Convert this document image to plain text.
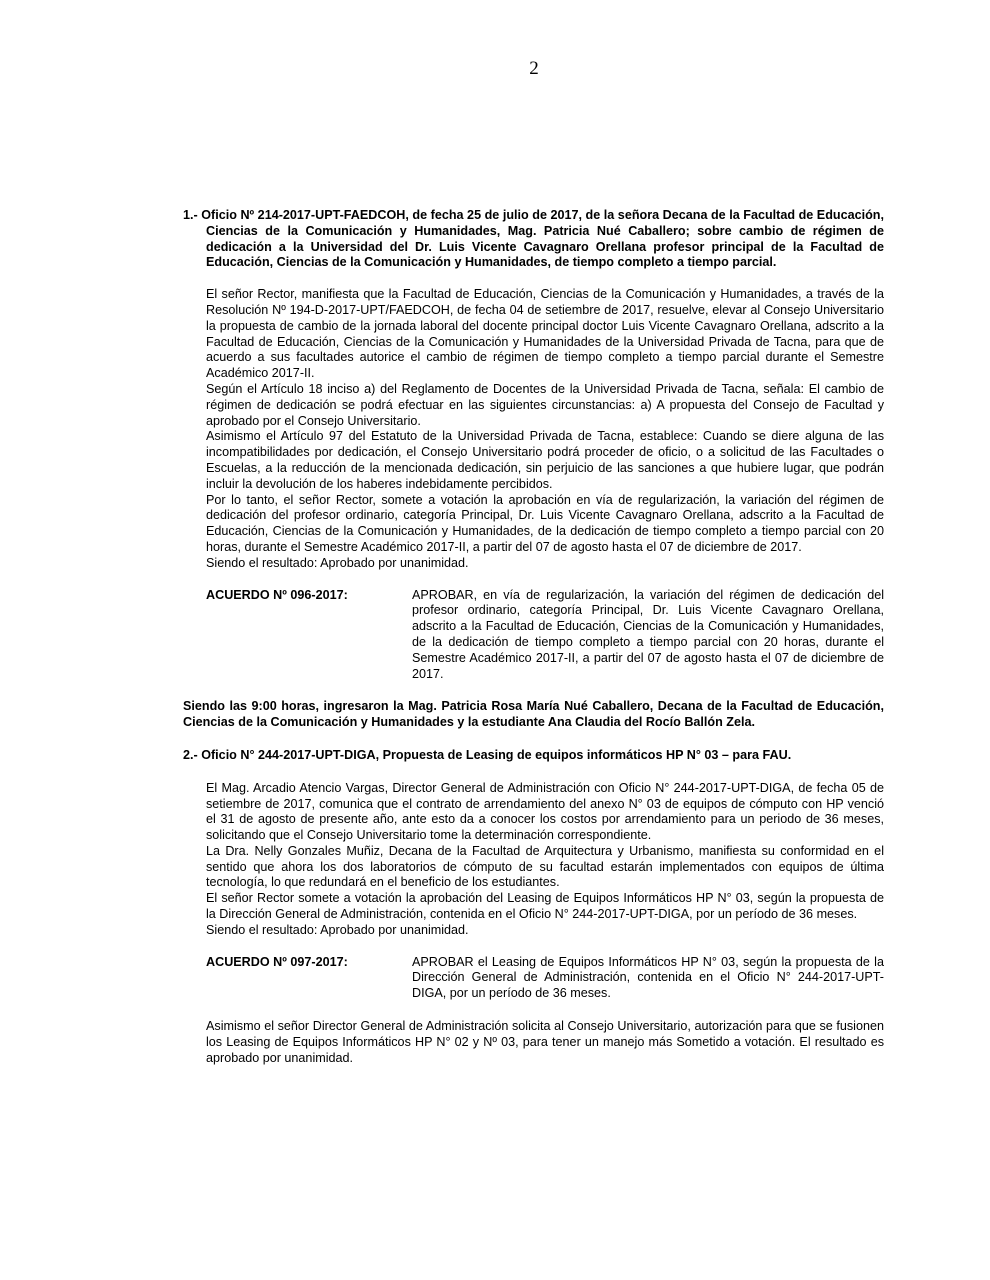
2

1.- Oficio Nº 214-2017-UPT-FAEDCOH, de fecha 25 de julio de 2017, de la señora Decana de la Facultad de Educación, Ciencias de la Comunicación y Humanidades, Mag. Patricia Nué Caballero; sobre cambio de régimen de dedicación a la Universidad del Dr. Luis Vicente Cavagnaro Orellana profesor principal de la Facultad de Educación, Ciencias de la Comunicación y Humanidades, de tiempo completo a tiempo parcial.

El señor Rector, manifiesta que la Facultad de Educación, Ciencias de la Comunicación y Humanidades, a través de la Resolución Nº 194-D-2017-UPT/FAEDCOH, de fecha 04 de setiembre de 2017, resuelve, elevar al Consejo Universitario la propuesta de cambio de la jornada laboral del docente principal doctor Luis Vicente Cavagnaro Orellana, adscrito a la Facultad de Educación, Ciencias de la Comunicación y Humanidades de la Universidad Privada de Tacna, para que de acuerdo a sus facultades autorice el cambio de régimen de tiempo completo a tiempo parcial durante el Semestre Académico 2017-II.

Según el Artículo 18 inciso a) del Reglamento de Docentes de la Universidad Privada de Tacna, señala: El cambio de régimen de dedicación se podrá efectuar en las siguientes circunstancias: a) A propuesta del Consejo de Facultad y aprobado por el Consejo Universitario.

Asimismo el Artículo 97 del Estatuto de la Universidad Privada de Tacna, establece: Cuando se diere alguna de las incompatibilidades por dedicación, el Consejo Universitario podrá proceder de oficio, o a solicitud de las Facultades o Escuelas, a la reducción de la mencionada dedicación, sin perjuicio de las sanciones a que hubiere lugar, que podrán incluir la devolución de los haberes indebidamente percibidos.

Por lo tanto, el señor Rector, somete a votación la aprobación en vía de regularización, la variación del régimen de dedicación del profesor ordinario, categoría Principal, Dr. Luis Vicente Cavagnaro Orellana, adscrito a la Facultad de Educación, Ciencias de la Comunicación y Humanidades, de la dedicación de tiempo completo a tiempo parcial con 20 horas, durante el Semestre Académico 2017-II, a partir del 07 de agosto hasta el 07 de diciembre de 2017.

Siendo el resultado: Aprobado por unanimidad.

ACUERDO Nº 096-2017:	APROBAR, en vía de regularización, la variación del régimen de dedicación del profesor ordinario, categoría Principal, Dr. Luis Vicente Cavagnaro Orellana, adscrito a la Facultad de Educación, Ciencias de la Comunicación y Humanidades, de la dedicación de tiempo completo a tiempo parcial con 20 horas, durante el Semestre Académico 2017-II, a partir del 07 de agosto hasta el 07 de diciembre de 2017.

Siendo las 9:00 horas, ingresaron la Mag. Patricia Rosa María Nué Caballero, Decana de la Facultad de Educación, Ciencias de la Comunicación y Humanidades y la estudiante Ana Claudia del Rocío Ballón Zela.

2.- Oficio N° 244-2017-UPT-DIGA, Propuesta de Leasing de equipos informáticos HP N° 03 – para FAU.

El Mag. Arcadio Atencio Vargas, Director General de Administración con Oficio N° 244-2017-UPT-DIGA, de fecha 05 de setiembre de 2017, comunica que el contrato de arrendamiento del anexo N° 03 de equipos de cómputo con HP venció el 31 de agosto de presente año, ante esto da a conocer los costos por arrendamiento para un periodo de 36 meses, solicitando que el Consejo Universitario tome la determinación correspondiente.

La Dra. Nelly Gonzales Muñiz, Decana de la Facultad de Arquitectura y Urbanismo, manifiesta su conformidad en el sentido que ahora los dos laboratorios de cómputo de su facultad estarán implementados con equipos de última tecnología, lo que redundará en el beneficio de los estudiantes.

El señor Rector somete a votación la aprobación del Leasing de Equipos Informáticos HP N° 03, según la propuesta de la Dirección General de Administración, contenida en el Oficio N° 244-2017-UPT-DIGA, por un período de 36 meses.

Siendo el resultado: Aprobado por unanimidad.

ACUERDO Nº 097-2017:	APROBAR el Leasing de Equipos Informáticos HP N° 03, según la propuesta de la Dirección General de Administración, contenida en el Oficio N° 244-2017-UPT-DIGA, por un período de 36 meses.

Asimismo el señor Director General de Administración solicita al Consejo Universitario, autorización para que se fusionen los Leasing de Equipos Informáticos HP N° 02 y Nº 03, para tener un manejo más Sometido a votación. El resultado es aprobado por unanimidad.
